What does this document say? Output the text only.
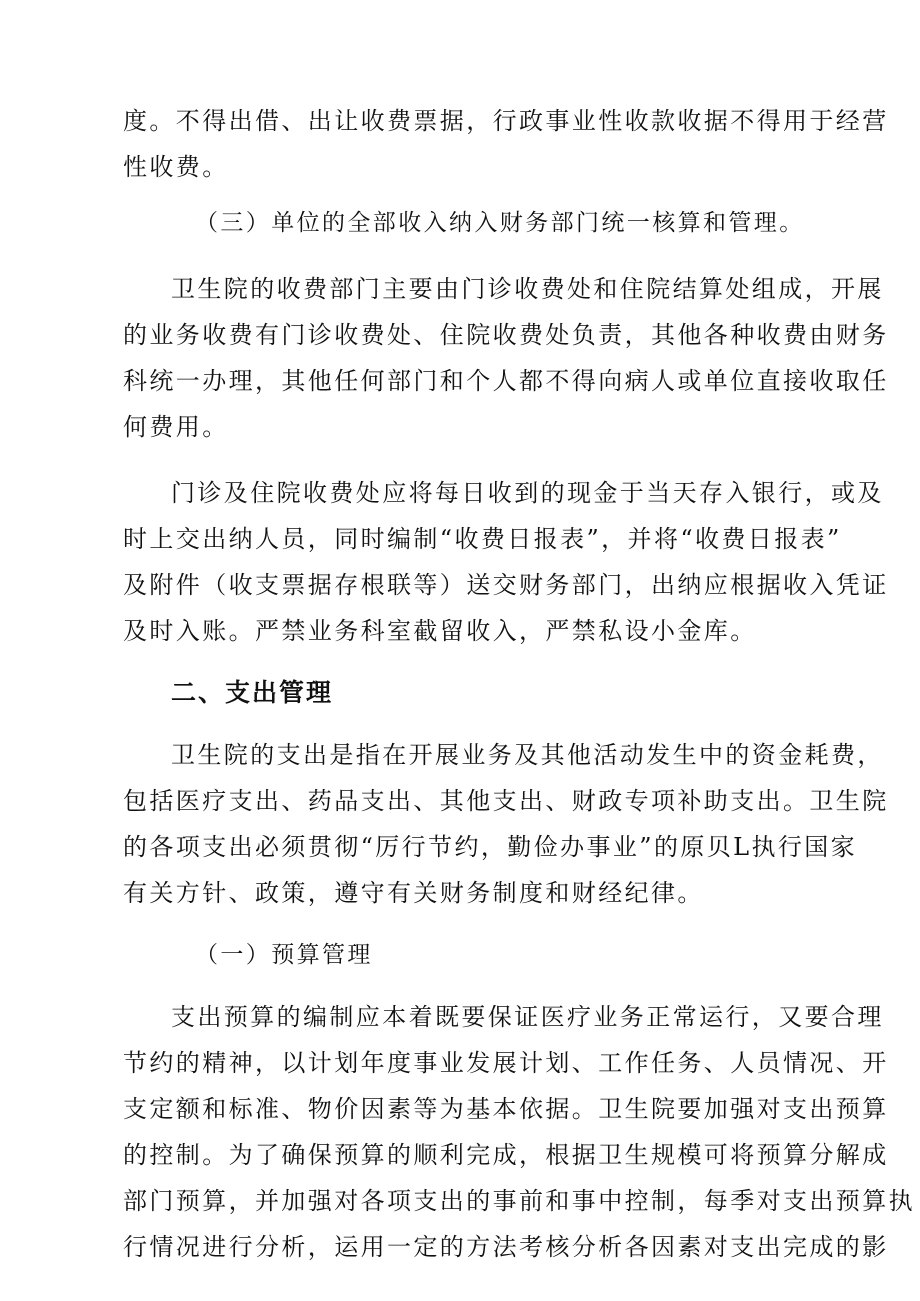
度。不得出借、出让收费票据，行政事业性收款收据不得用于经营
性收费。
（三）单位的全部收入纳入财务部门统一核算和管理。
卫生院的收费部门主要由门诊收费处和住院结算处组成，开展
的业务收费有门诊收费处、住院收费处负责，其他各种收费由财务
科统一办理，其他任何部门和个人都不得向病人或单位直接收取任
何费用。
门诊及住院收费处应将每日收到的现金于当天存入银行，或及
时上交出纳人员，同时编制“收费日报表”，并将“收费日报表”
及附件（收支票据存根联等）送交财务部门，出纳应根据收入凭证
及时入账。严禁业务科室截留收入，严禁私设小金库。
二、支出管理
卫生院的支出是指在开展业务及其他活动发生中的资金耗费，
包括医疗支出、药品支出、其他支出、财政专项补助支出。卫生院
的各项支出必须贯彻“厉行节约，勤俭办事业”的原贝L执行国家
有关方针、政策，遵守有关财务制度和财经纪律。
（一）预算管理
支出预算的编制应本着既要保证医疗业务正常运行，又要合理
节约的精神，以计划年度事业发展计划、工作任务、人员情况、开
支定额和标准、物价因素等为基本依据。卫生院要加强对支出预算
的控制。为了确保预算的顺利完成，根据卫生规模可将预算分解成
部门预算，并加强对各项支出的事前和事中控制，每季对支出预算执
行情况进行分析，运用一定的方法考核分析各因素对支出完成的影
